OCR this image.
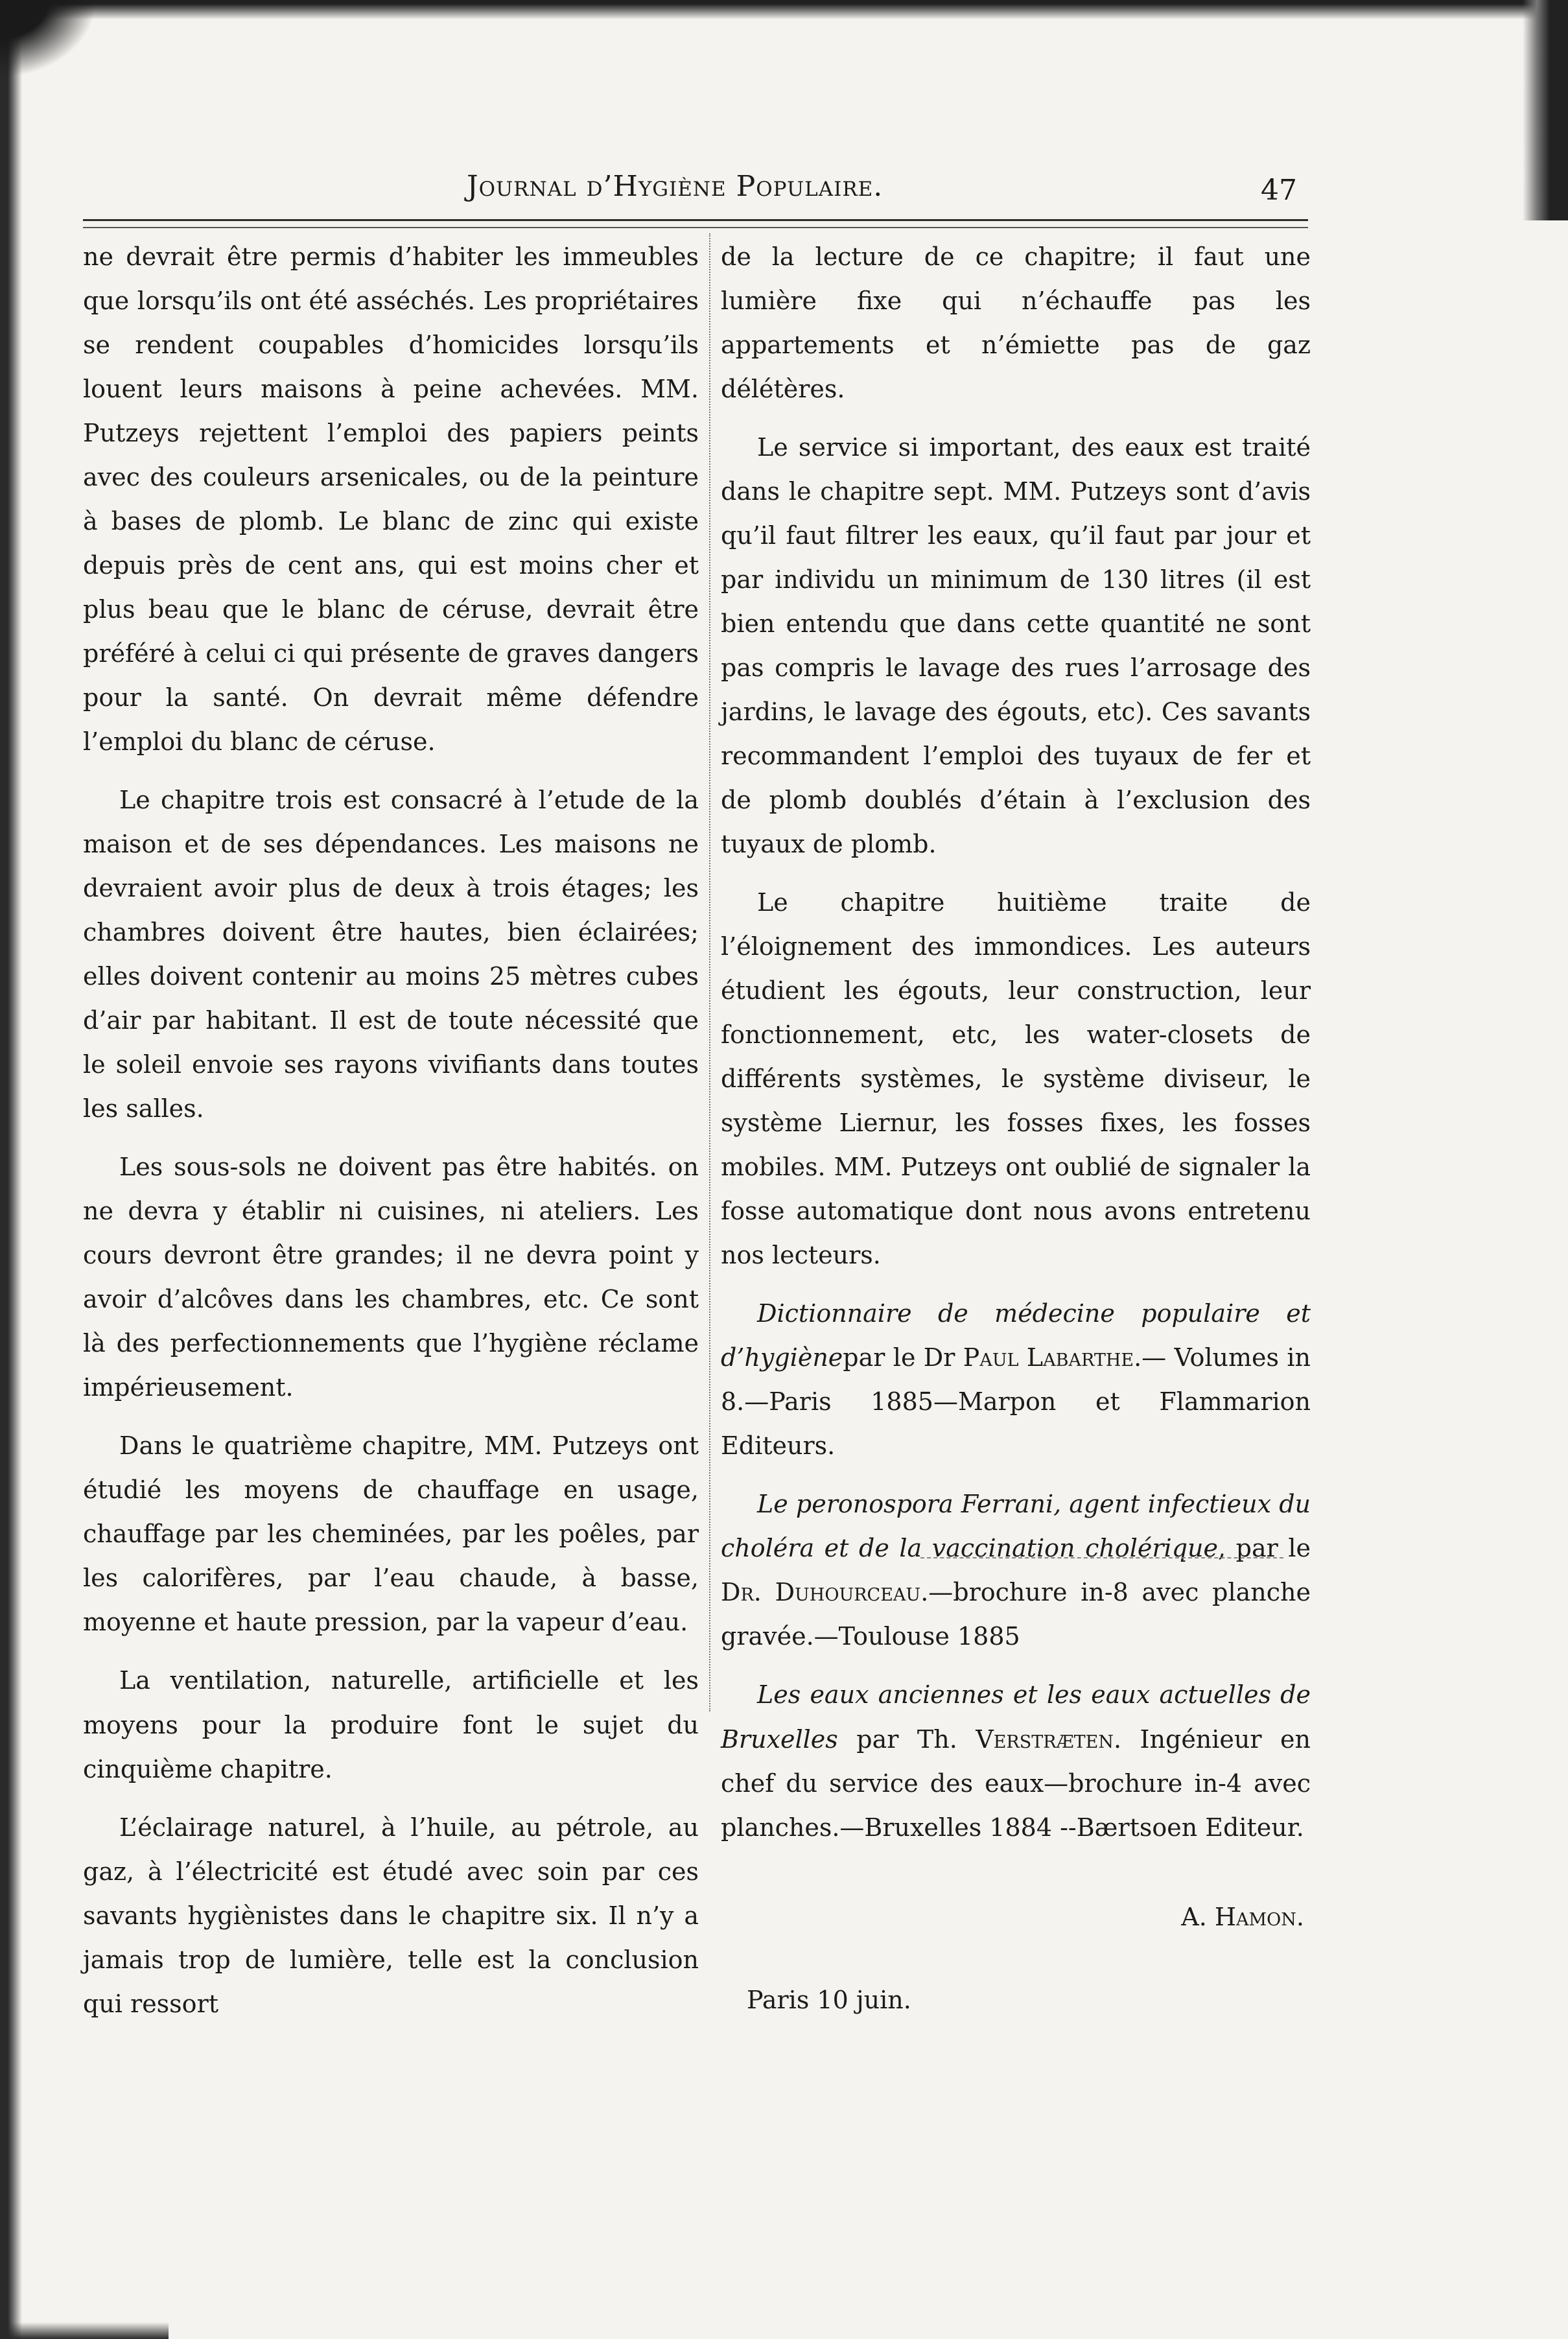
Journal d’Hygiène Populaire.	47

ne devrait être permis d’habiter les immeubles que lorsqu’ils ont été asséchés. Les propriétaires se rendent coupables d’homicides lorsqu’ils louent leurs maisons à peine achevées. MM. Putzeys rejettent l’emploi des papiers peints avec des couleurs arsenicales, ou de la peinture à bases de plomb. Le blanc de zinc qui existe depuis près de cent ans, qui est moins cher et plus beau que le blanc de céruse, devrait être préféré à celui ci qui présente de graves dangers pour la santé. On devrait même défendre l’emploi du blanc de céruse.

Le chapitre trois est consacré à l’etude de la maison et de ses dépendances. Les maisons ne devraient avoir plus de deux à trois étages; les chambres doivent être hautes, bien éclairées; elles doivent contenir au moins 25 mètres cubes d’air par habitant. Il est de toute nécessité que le soleil envoie ses rayons vivifiants dans toutes les salles.

Les sous-sols ne doivent pas être habités. on ne devra y établir ni cuisines, ni ateliers. Les cours devront être grandes; il ne devra point y avoir d’alcôves dans les chambres, etc. Ce sont là des perfectionnements que l’hygiène réclame impérieusement.

Dans le quatrième chapitre, MM. Putzeys ont étudié les moyens de chauffage en usage, chauffage par les cheminées, par les poêles, par les calorifères, par l’eau chaude, à basse, moyenne et haute pression, par la vapeur d’eau.

La ventilation, naturelle, artificielle et les moyens pour la produire font le sujet du cinquième chapitre.

L’éclairage naturel, à l’huile, au pétrole, au gaz, à l’électricité est étudé avec soin par ces savants hygiènistes dans le chapitre six. Il n’y a jamais trop de lumière, telle est la conclusion qui ressort

de la lecture de ce chapitre; il faut une lumière fixe qui n’échauffe pas les appartements et n’émiette pas de gaz délétères.

Le service si important, des eaux est traité dans le chapitre sept. MM. Putzeys sont d’avis qu’il faut filtrer les eaux, qu’il faut par jour et par individu un minimum de 130 litres (il est bien entendu que dans cette quantité ne sont pas compris le lavage des rues l’arrosage des jardins, le lavage des égouts, etc). Ces savants recommandent l’emploi des tuyaux de fer et de plomb doublés d’étain à l’exclusion des tuyaux de plomb.

Le chapitre huitième traite de l’éloignement des immondices. Les auteurs étudient les égouts, leur construction, leur fonctionnement, etc, les water-closets de différents systèmes, le système diviseur, le système Liernur, les fosses fixes, les fosses mobiles. MM. Putzeys ont oublié de signaler la fosse automatique dont nous avons entretenu nos lecteurs.

Dictionnaire de médecine populaire et d’hygiènepar le Dr Paul Labarthe.— Volumes in 8.—Paris 1885—Marpon et Flammarion Editeurs.

Le peronospora Ferrani, agent infectieux du choléra et de la vaccination cholérique, par le Dr. Duhourceau.—brochure in-8 avec planche gravée.—Toulouse 1885

Les eaux anciennes et les eaux actuelles de Bruxelles par Th. Verstræten. Ingénieur en chef du service des eaux—brochure in-4 avec planches.—Bruxelles 1884 --Bærtsoen Editeur.

A. Hamon.

Paris 10 juin.
